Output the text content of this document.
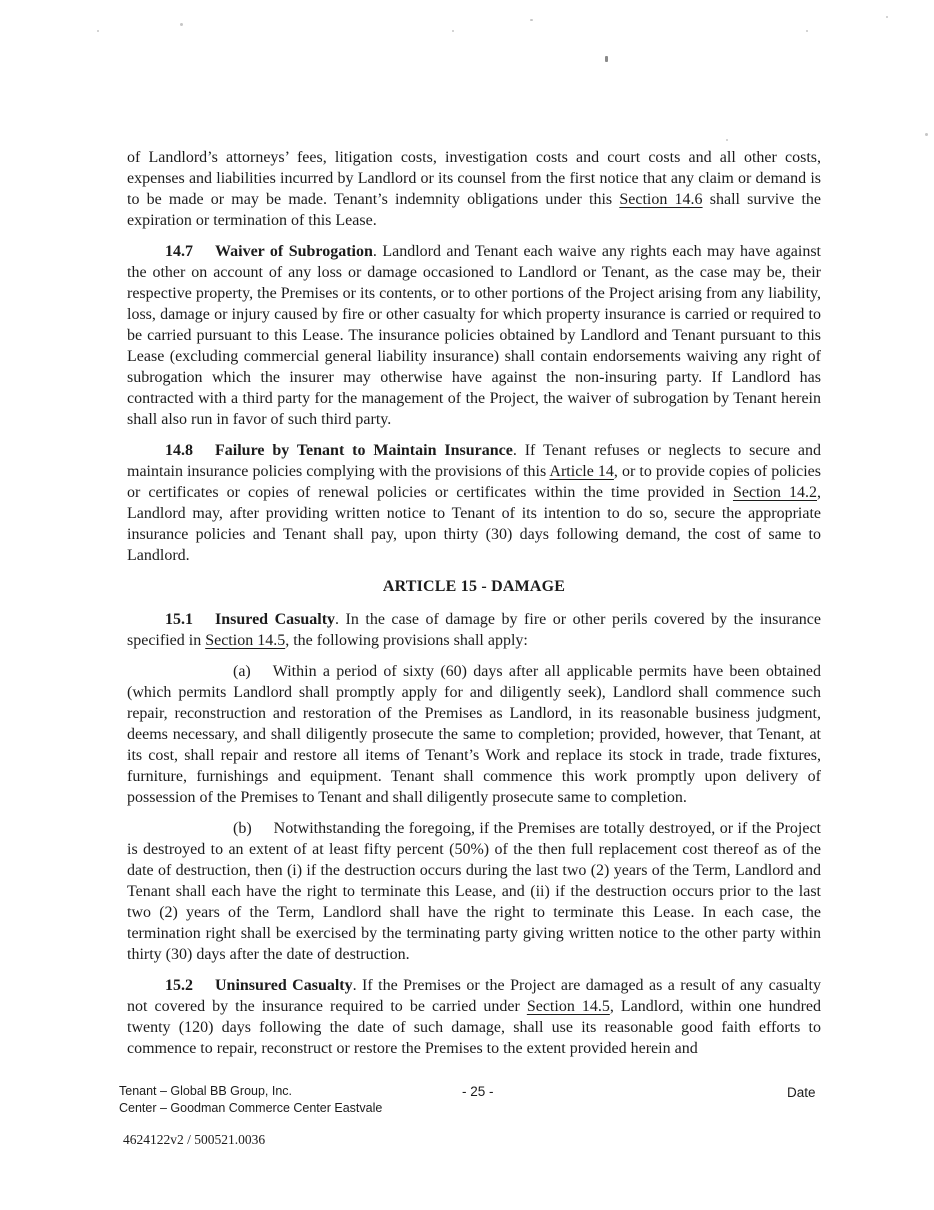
of Landlord’s attorneys’ fees, litigation costs, investigation costs and court costs and all other costs, expenses and liabilities incurred by Landlord or its counsel from the first notice that any claim or demand is to be made or may be made. Tenant’s indemnity obligations under this Section 14.6 shall survive the expiration or termination of this Lease.

14.7 Waiver of Subrogation. Landlord and Tenant each waive any rights each may have against the other on account of any loss or damage occasioned to Landlord or Tenant, as the case may be, their respective property, the Premises or its contents, or to other portions of the Project arising from any liability, loss, damage or injury caused by fire or other casualty for which property insurance is carried or required to be carried pursuant to this Lease. The insurance policies obtained by Landlord and Tenant pursuant to this Lease (excluding commercial general liability insurance) shall contain endorsements waiving any right of subrogation which the insurer may otherwise have against the non-insuring party. If Landlord has contracted with a third party for the management of the Project, the waiver of subrogation by Tenant herein shall also run in favor of such third party.

14.8 Failure by Tenant to Maintain Insurance. If Tenant refuses or neglects to secure and maintain insurance policies complying with the provisions of this Article 14, or to provide copies of policies or certificates or copies of renewal policies or certificates within the time provided in Section 14.2, Landlord may, after providing written notice to Tenant of its intention to do so, secure the appropriate insurance policies and Tenant shall pay, upon thirty (30) days following demand, the cost of same to Landlord.

ARTICLE 15 - DAMAGE

15.1 Insured Casualty. In the case of damage by fire or other perils covered by the insurance specified in Section 14.5, the following provisions shall apply:

(a) Within a period of sixty (60) days after all applicable permits have been obtained (which permits Landlord shall promptly apply for and diligently seek), Landlord shall commence such repair, reconstruction and restoration of the Premises as Landlord, in its reasonable business judgment, deems necessary, and shall diligently prosecute the same to completion; provided, however, that Tenant, at its cost, shall repair and restore all items of Tenant’s Work and replace its stock in trade, trade fixtures, furniture, furnishings and equipment. Tenant shall commence this work promptly upon delivery of possession of the Premises to Tenant and shall diligently prosecute same to completion.

(b) Notwithstanding the foregoing, if the Premises are totally destroyed, or if the Project is destroyed to an extent of at least fifty percent (50%) of the then full replacement cost thereof as of the date of destruction, then (i) if the destruction occurs during the last two (2) years of the Term, Landlord and Tenant shall each have the right to terminate this Lease, and (ii) if the destruction occurs prior to the last two (2) years of the Term, Landlord shall have the right to terminate this Lease. In each case, the termination right shall be exercised by the terminating party giving written notice to the other party within thirty (30) days after the date of destruction.

15.2 Uninsured Casualty. If the Premises or the Project are damaged as a result of any casualty not covered by the insurance required to be carried under Section 14.5, Landlord, within one hundred twenty (120) days following the date of such damage, shall use its reasonable good faith efforts to commence to repair, reconstruct or restore the Premises to the extent provided herein and

Tenant – Global BB Group, Inc.
Center – Goodman Commerce Center Eastvale
- 25 -	Date
4624122v2 / 500521.0036
